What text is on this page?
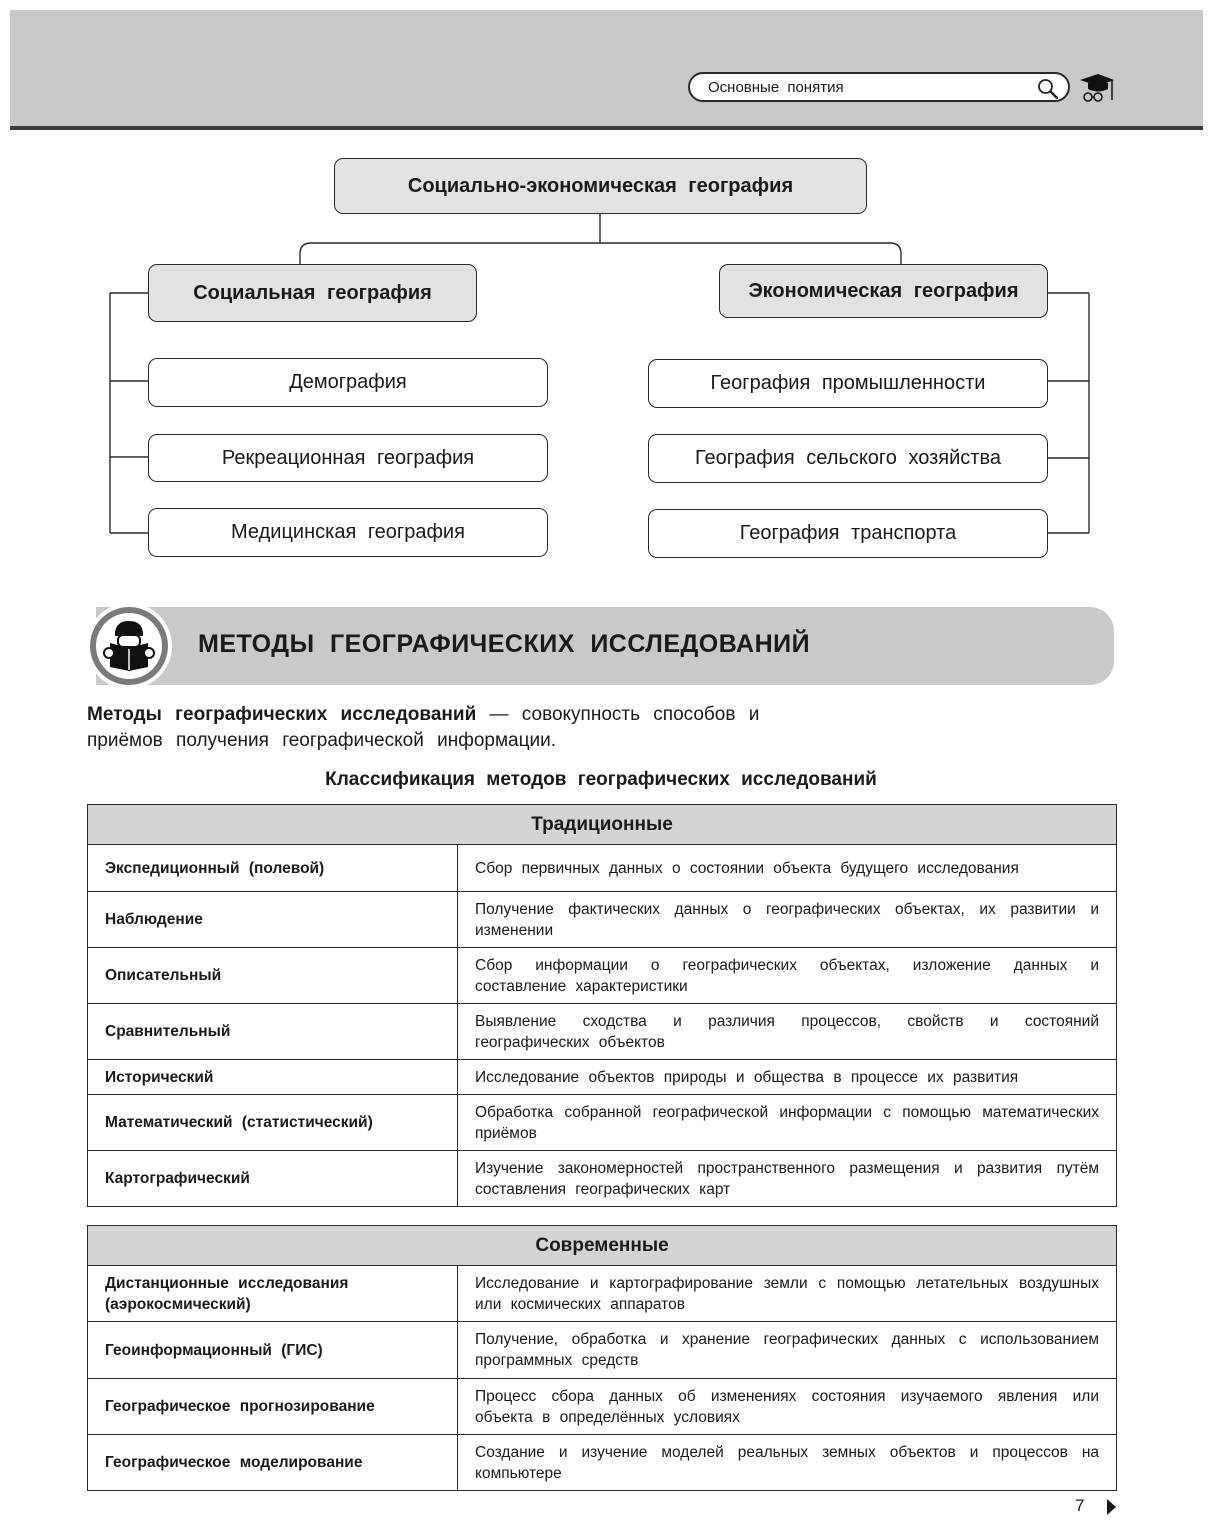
Основные понятия
Социально-экономическая география
Социальная география	Экономическая география
Демография
Рекреационная география
Медицинская география
География промышленности
География сельского хозяйства
География транспорта
МЕТОДЫ ГЕОГРАФИЧЕСКИХ ИССЛЕДОВАНИЙ
Методы географических исследований — совокупность способов и приёмов получения географической информации.
Классификация методов географических исследований
Традиционные	
Экспедиционный (полевой)	Сбор первичных данных о состоянии объекта будущего исследования
Наблюдение	Получение фактических данных о географических объектах, их развитии и изменении
Описательный	Сбор информации о географических объектах, изложение данных и составление характеристики
Сравнительный	Выявление сходства и различия процессов, свойств и состояний географических объектов
Исторический	Исследование объектов природы и общества в процессе их развития
Математический (статистический)	Обработка собранной географической информации с помощью математических приёмов
Картографический	Изучение закономерностей пространственного размещения и развития путём составления географических карт
Современные	
Дистанционные исследования (аэрокосмический)	Исследование и картографирование земли с помощью летательных воздушных или космических аппаратов
Геоинформационный (ГИС)	Получение, обработка и хранение географических данных с использованием программных средств
Географическое прогнозирование	Процесс сбора данных об изменениях состояния изучаемого явления или объекта в определённых условиях
Географическое моделирование	Создание и изучение моделей реальных земных объектов и процессов на компьютере
7
